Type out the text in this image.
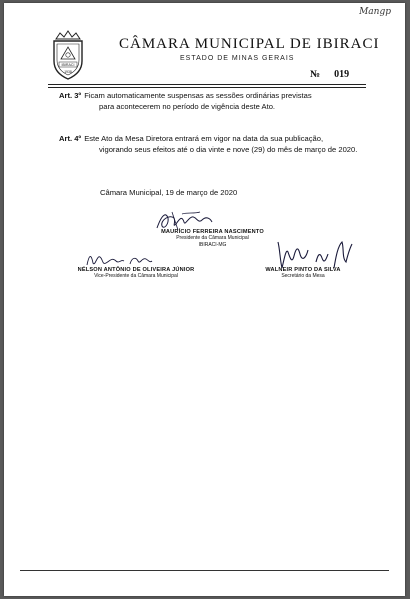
Mangp
IBIRACI
1938
CÂMARA MUNICIPAL DE IBIRACI
ESTADO DE MINAS GERAIS
№ 019
Art. 3º Ficam automaticamente suspensas as sessões ordinárias previstas
para acontecerem no período de vigência deste Ato.
Art. 4º Este Ato da Mesa Diretora entrará em vigor na data da sua publicação,
vigorando seus efeitos até o dia vinte e nove (29) do mês de março de 2020.
Câmara Municipal, 19 de março de 2020
MAURÍCIO FERREIRA NASCIMENTO
Presidente da Câmara Municipal
IBIRACI-MG
NÉLSON ANTÔNIO DE OLIVEIRA JÚNIOR
Vice-Presidente da Câmara Municipal
WALNEIR PINTO DA SILVA
Secretário da Mesa
